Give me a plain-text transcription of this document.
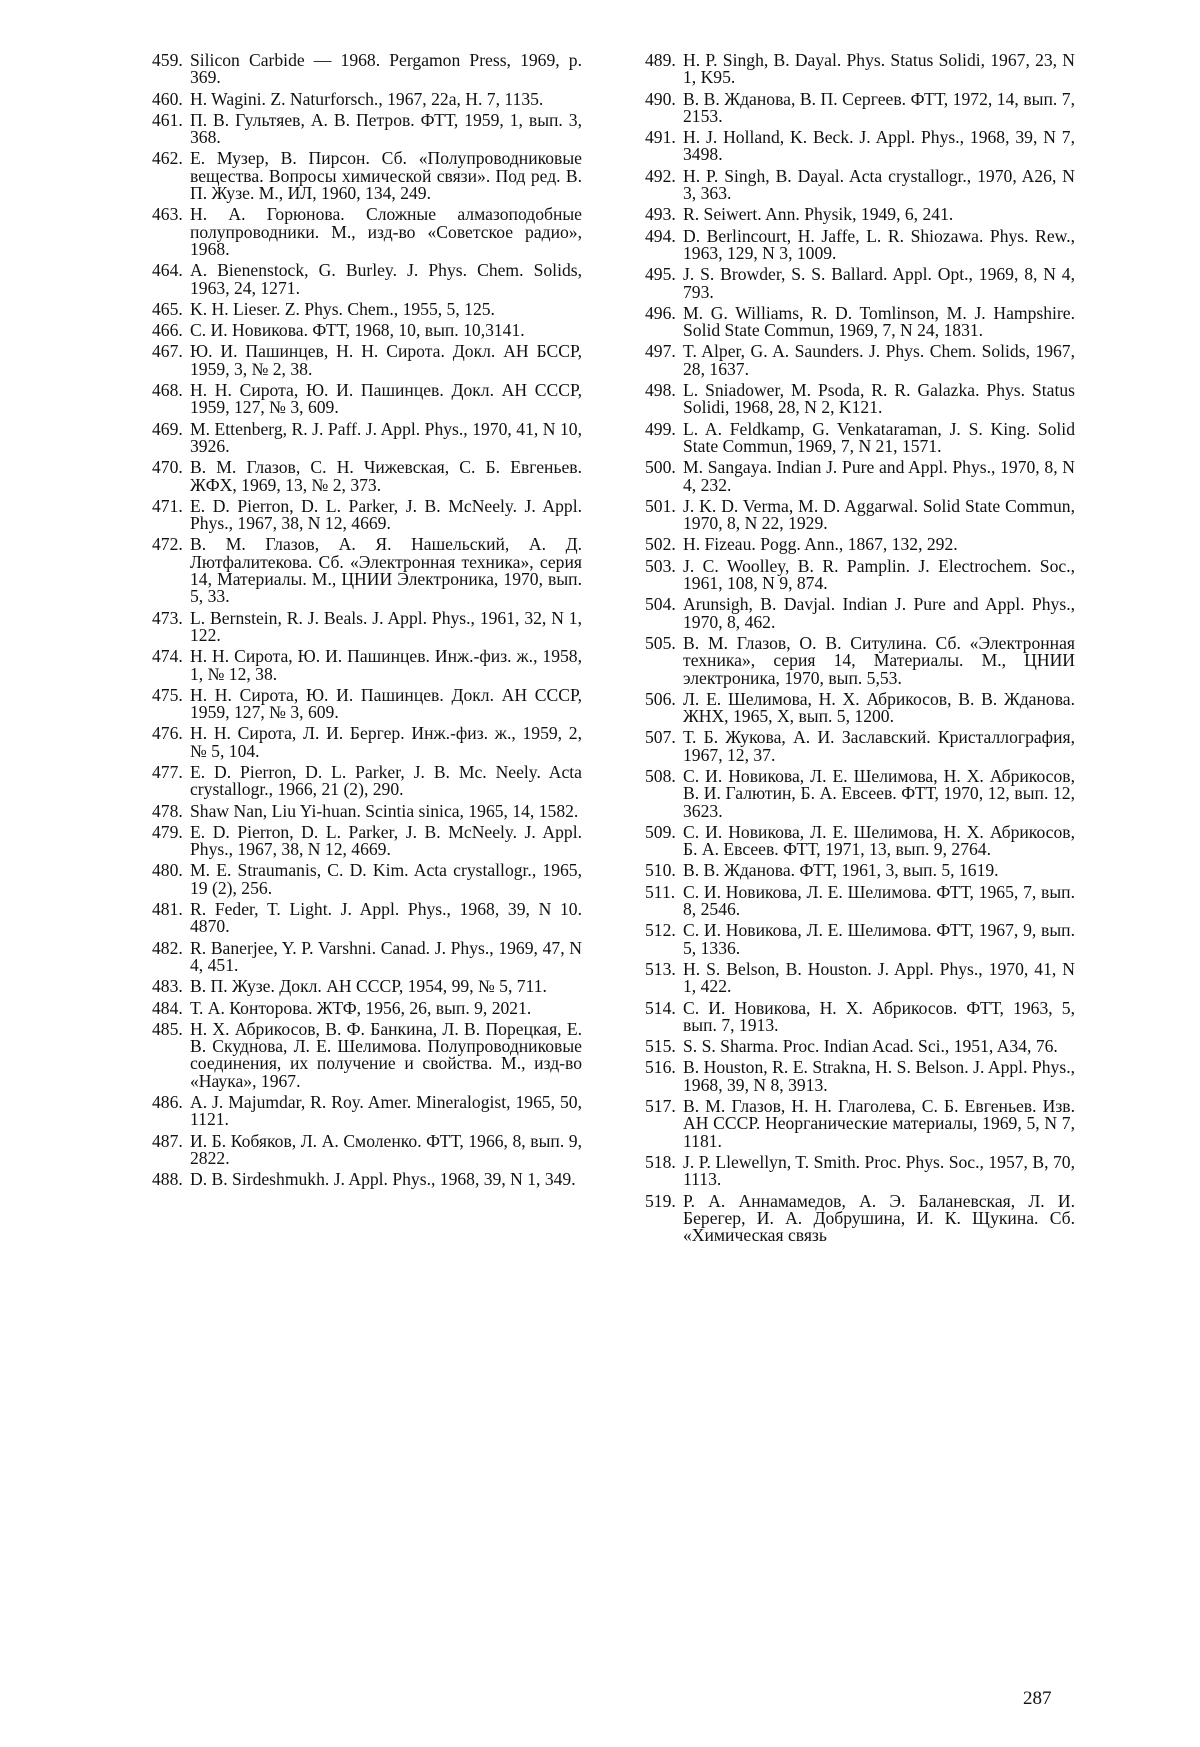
459. Silicon Carbide — 1968. Pergamon Press, 1969, p. 369.
460. H. Wagini. Z. Naturforsch., 1967, 22a, H. 7, 1135.
461. П. В. Гультяев, А. В. Петров. ФТТ, 1959, 1, вып. 3, 368.
462. Е. Музер, В. Пирсон. Сб. «Полупроводниковые вещества. Вопросы химической связи». Под ред. В. П. Жузе. М., ИЛ, 1960, 134, 249.
463. Н. А. Горюнова. Сложные алмазоподобные полупроводники. М., изд-во «Советское радио», 1968.
464. A. Bienenstock, G. Burley. J. Phys. Chem. Solids, 1963, 24, 1271.
465. K. H. Lieser. Z. Phys. Chem., 1955, 5, 125.
466. С. И. Новикова. ФТТ, 1968, 10, вып. 10,3141.
467. Ю. И. Пашинцев, Н. Н. Сирота. Докл. АН БССР, 1959, 3, № 2, 38.
468. Н. Н. Сирота, Ю. И. Пашинцев. Докл. АН СССР, 1959, 127, № 3, 609.
469. M. Ettenberg, R. J. Paff. J. Appl. Phys., 1970, 41, N 10, 3926.
470. В. М. Глазов, С. Н. Чижевская, С. Б. Евгеньев. ЖФХ, 1969, 13, № 2, 373.
471. E. D. Pierron, D. L. Parker, J. B. McNeely. J. Appl. Phys., 1967, 38, N 12, 4669.
472. В. М. Глазов, А. Я. Нашельский, А. Д. Лютфалитекова. Сб. «Электронная техника», серия 14, Материалы. М., ЦНИИ Электроника, 1970, вып. 5, 33.
473. L. Bernstein, R. J. Beals. J. Appl. Phys., 1961, 32, N 1, 122.
474. Н. Н. Сирота, Ю. И. Пашинцев. Инж.-физ. ж., 1958, 1, № 12, 38.
475. Н. Н. Сирота, Ю. И. Пашинцев. Докл. АН СССР, 1959, 127, № 3, 609.
476. Н. Н. Сирота, Л. И. Бергер. Инж.-физ. ж., 1959, 2, № 5, 104.
477. E. D. Pierron, D. L. Parker, J. B. Mc. Neely. Acta crystallogr., 1966, 21 (2), 290.
478. Shaw Nan, Liu Yi-huan. Scintia sinica, 1965, 14, 1582.
479. E. D. Pierron, D. L. Parker, J. B. McNeely. J. Appl. Phys., 1967, 38, N 12, 4669.
480. M. E. Straumanis, C. D. Kim. Acta crystallogr., 1965, 19 (2), 256.
481. R. Feder, T. Light. J. Appl. Phys., 1968, 39, N 10. 4870.
482. R. Banerjee, Y. P. Varshni. Canad. J. Phys., 1969, 47, N 4, 451.
483. В. П. Жузе. Докл. АН СССР, 1954, 99, № 5, 711.
484. Т. А. Конторова. ЖТФ, 1956, 26, вып. 9, 2021.
485. Н. Х. Абрикосов, В. Ф. Банкина, Л. В. Порецкая, Е. В. Скуднова, Л. Е. Шелимова. Полупроводниковые соединения, их получение и свойства. М., изд-во «Наука», 1967.
486. A. J. Majumdar, R. Roy. Amer. Mineralogist, 1965, 50, 1121.
487. И. Б. Кобяков, Л. А. Смоленко. ФТТ, 1966, 8, вып. 9, 2822.
488. D. B. Sirdeshmukh. J. Appl. Phys., 1968, 39, N 1, 349.
489. H. P. Singh, B. Dayal. Phys. Status Solidi, 1967, 23, N 1, K95.
490. В. В. Жданова, В. П. Сергеев. ФТТ, 1972, 14, вып. 7, 2153.
491. H. J. Holland, K. Beck. J. Appl. Phys., 1968, 39, N 7, 3498.
492. H. P. Singh, B. Dayal. Acta crystallogr., 1970, A26, N 3, 363.
493. R. Seiwert. Ann. Physik, 1949, 6, 241.
494. D. Berlincourt, H. Jaffe, L. R. Shiozawa. Phys. Rew., 1963, 129, N 3, 1009.
495. J. S. Browder, S. S. Ballard. Appl. Opt., 1969, 8, N 4, 793.
496. M. G. Williams, R. D. Tomlinson, M. J. Hampshire. Solid State Commun, 1969, 7, N 24, 1831.
497. T. Alper, G. A. Saunders. J. Phys. Chem. Solids, 1967, 28, 1637.
498. L. Sniadower, M. Psoda, R. R. Galazka. Phys. Status Solidi, 1968, 28, N 2, K121.
499. L. A. Feldkamp, G. Venkataraman, J. S. King. Solid State Commun, 1969, 7, N 21, 1571.
500. M. Sangaya. Indian J. Pure and Appl. Phys., 1970, 8, N 4, 232.
501. J. K. D. Verma, M. D. Aggarwal. Solid State Commun, 1970, 8, N 22, 1929.
502. H. Fizeau. Pogg. Ann., 1867, 132, 292.
503. J. C. Woolley, B. R. Pamplin. J. Electrochem. Soc., 1961, 108, N 9, 874.
504. Arunsigh, B. Davjal. Indian J. Pure and Appl. Phys., 1970, 8, 462.
505. В. М. Глазов, О. В. Ситулина. Сб. «Электронная техника», серия 14, Материалы. М., ЦНИИ электроника, 1970, вып. 5,53.
506. Л. Е. Шелимова, Н. Х. Абрикосов, В. В. Жданова. ЖНХ, 1965, X, вып. 5, 1200.
507. Т. Б. Жукова, А. И. Заславский. Кристаллография, 1967, 12, 37.
508. С. И. Новикова, Л. Е. Шелимова, Н. Х. Абрикосов, В. И. Галютин, Б. А. Евсеев. ФТТ, 1970, 12, вып. 12, 3623.
509. С. И. Новикова, Л. Е. Шелимова, Н. Х. Абрикосов, Б. А. Евсеев. ФТТ, 1971, 13, вып. 9, 2764.
510. В. В. Жданова. ФТТ, 1961, 3, вып. 5, 1619.
511. С. И. Новикова, Л. Е. Шелимова. ФТТ, 1965, 7, вып. 8, 2546.
512. С. И. Новикова, Л. Е. Шелимова. ФТТ, 1967, 9, вып. 5, 1336.
513. H. S. Belson, B. Houston. J. Appl. Phys., 1970, 41, N 1, 422.
514. С. И. Новикова, Н. Х. Абрикосов. ФТТ, 1963, 5, вып. 7, 1913.
515. S. S. Sharma. Proc. Indian Acad. Sci., 1951, A34, 76.
516. B. Houston, R. E. Strakna, H. S. Belson. J. Appl. Phys., 1968, 39, N 8, 3913.
517. В. М. Глазов, Н. Н. Глаголева, С. Б. Евгеньев. Изв. АН СССР. Неорганические материалы, 1969, 5, N 7, 1181.
518. J. P. Llewellyn, T. Smith. Proc. Phys. Soc., 1957, B, 70, 1113.
519. Р. А. Аннамамедов, А. Э. Баланевская, Л. И. Берегер, И. А. Добрушина, И. К. Щукина. Сб. «Химическая связь
287
